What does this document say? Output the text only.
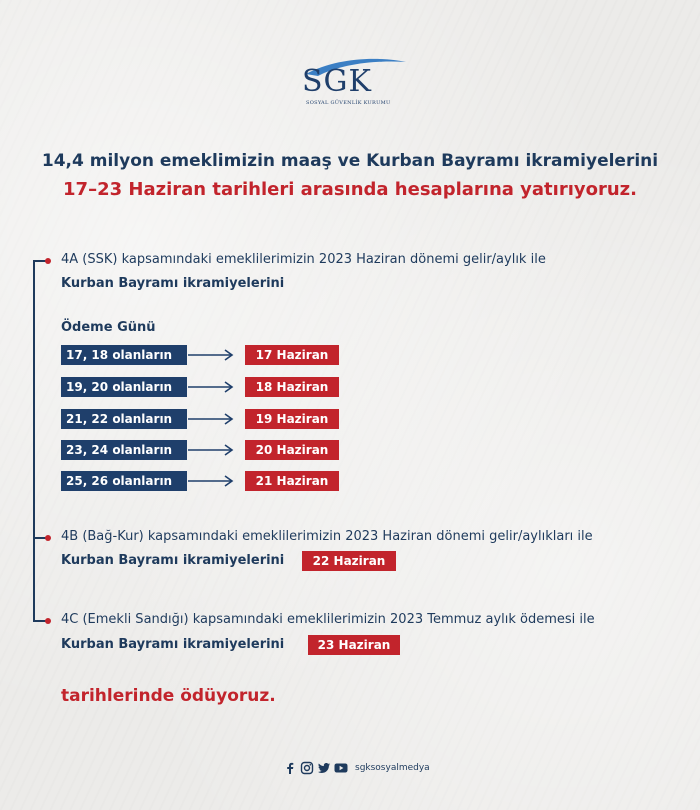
SGK
SOSYAL GÜVENLİK KURUMU
14,4 milyon emeklimizin maaş ve Kurban Bayramı ikramiyelerini
17–23 Haziran tarihleri arasında hesaplarına yatırıyoruz.
4A (SSK) kapsamındaki emeklilerimizin 2023 Haziran dönemi gelir/aylık ile
Kurban Bayramı ikramiyelerini
Ödeme Günü
17, 18 olanların	17 Haziran
19, 20 olanların	18 Haziran
21, 22 olanların	19 Haziran
23, 24 olanların	20 Haziran
25, 26 olanların	21 Haziran
4B (Bağ-Kur) kapsamındaki emeklilerimizin 2023 Haziran dönemi gelir/aylıkları ile
Kurban Bayramı ikramiyelerini	22 Haziran
4C (Emekli Sandığı) kapsamındaki emeklilerimizin 2023 Temmuz aylık ödemesi ile
Kurban Bayramı ikramiyelerini	23 Haziran
tarihlerinde ödüyoruz.
sgksosyalmedya
